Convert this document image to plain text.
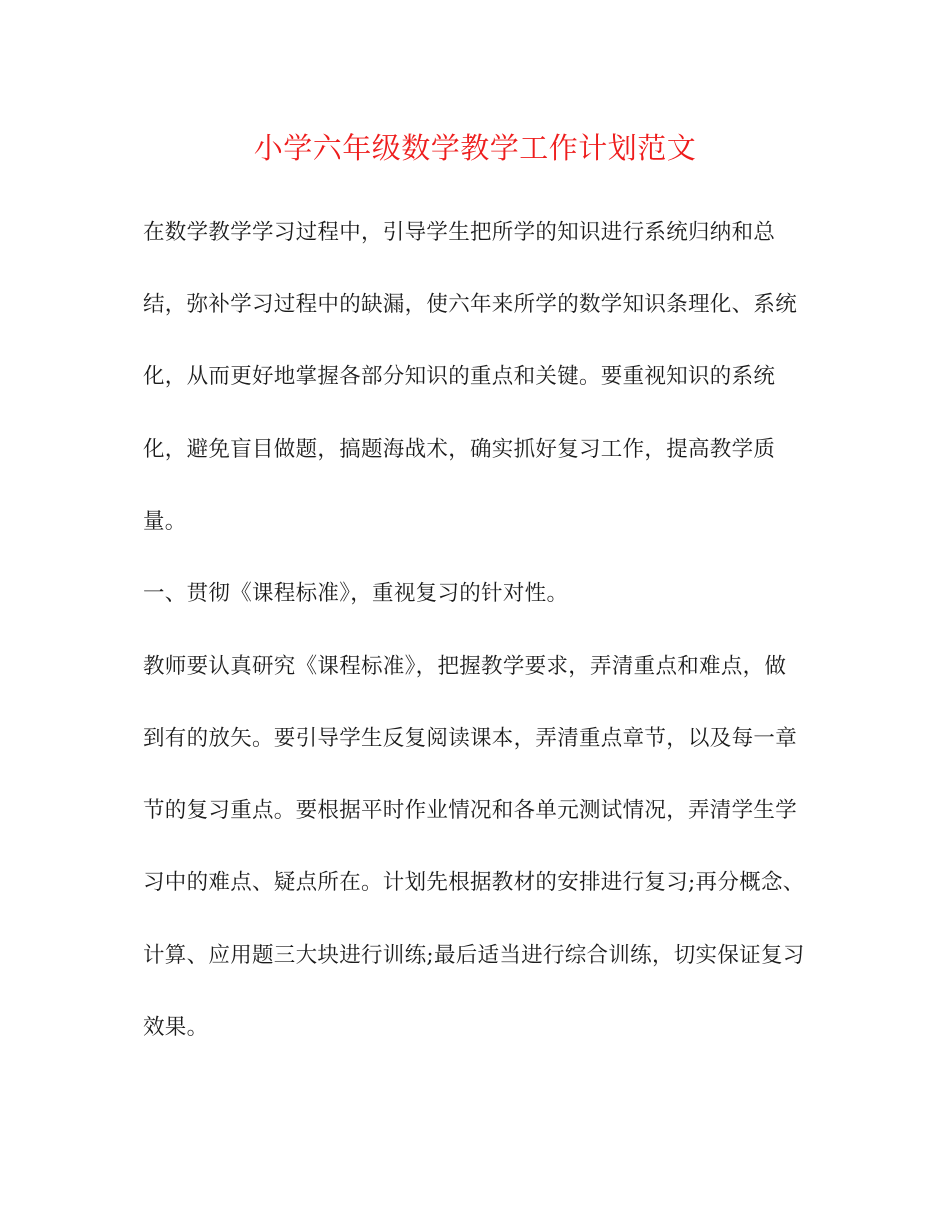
小学六年级数学教学工作计划范文
在数学教学学习过程中，引导学生把所学的知识进行系统归纳和总
结，弥补学习过程中的缺漏，使六年来所学的数学知识条理化、系统
化，从而更好地掌握各部分知识的重点和关键。要重视知识的系统
化，避免盲目做题，搞题海战术，确实抓好复习工作，提高教学质
量。
一、贯彻《课程标准》，重视复习的针对性。
教师要认真研究《课程标准》，把握教学要求，弄清重点和难点，做
到有的放矢。要引导学生反复阅读课本，弄清重点章节，以及每一章
节的复习重点。要根据平时作业情况和各单元测试情况，弄清学生学
习中的难点、疑点所在。计划先根据教材的安排进行复习;再分概念、
计算、应用题三大块进行训练;最后适当进行综合训练，切实保证复习
效果。
